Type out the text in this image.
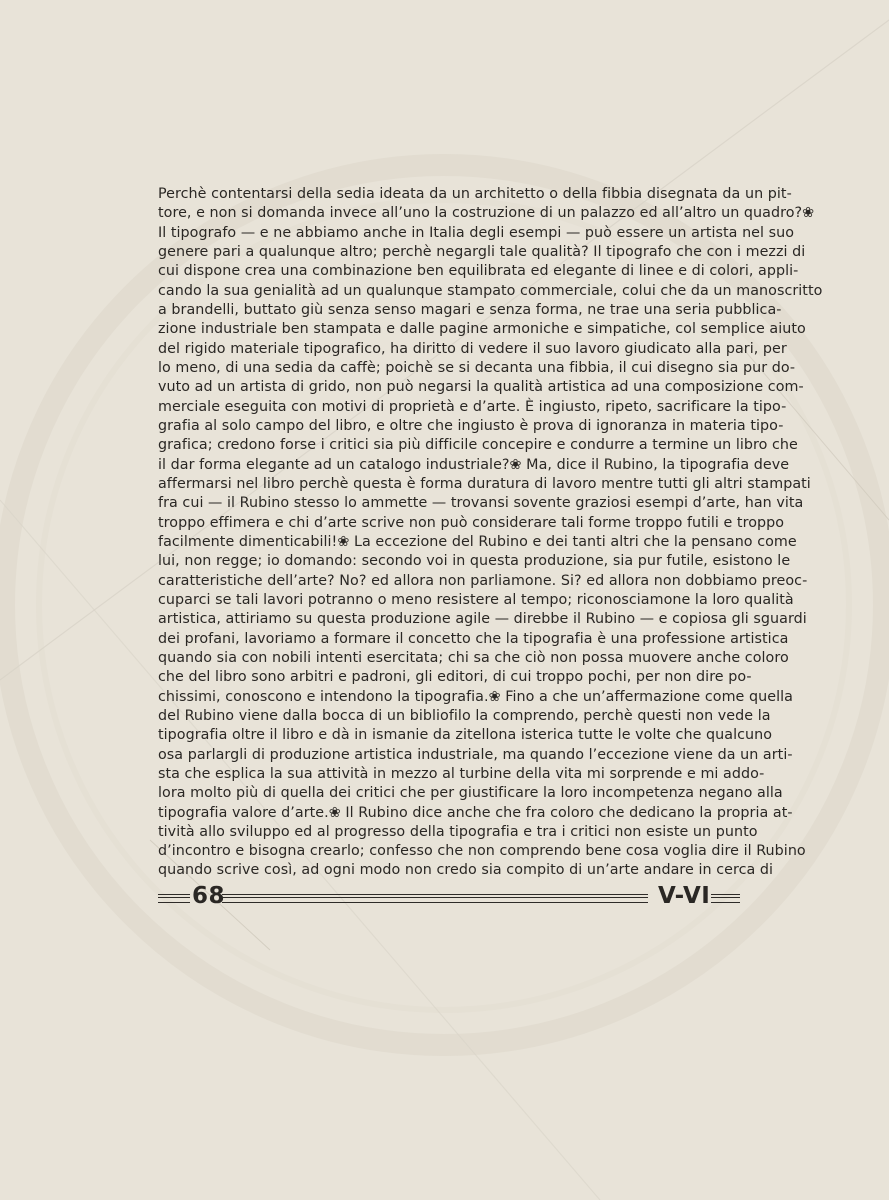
Perchè contentarsi della sedia ideata da un architetto o della fibbia disegnata da un pit-
tore, e non si domanda invece all’uno la costruzione di un palazzo ed all’altro un quadro?❀
Il tipografo — e ne abbiamo anche in Italia degli esempi — può essere un artista nel suo
genere pari a qualunque altro; perchè negargli tale qualità? Il tipografo che con i mezzi di
cui dispone crea una combinazione ben equilibrata ed elegante di linee e di colori, appli-
cando la sua genialità ad un qualunque stampato commerciale, colui che da un manoscritto
a brandelli, buttato giù senza senso magari e senza forma, ne trae una seria pubblica-
zione industriale ben stampata e dalle pagine armoniche e simpatiche, col semplice aiuto
del rigido materiale tipografico, ha diritto di vedere il suo lavoro giudicato alla pari, per
lo meno, di una sedia da caffè; poichè se si decanta una fibbia, il cui disegno sia pur do-
vuto ad un artista di grido, non può negarsi la qualità artistica ad una composizione com-
merciale eseguita con motivi di proprietà e d’arte. È ingiusto, ripeto, sacrificare la tipo-
grafia al solo campo del libro, e oltre che ingiusto è prova di ignoranza in materia tipo-
grafica; credono forse i critici sia più difficile concepire e condurre a termine un libro che
il dar forma elegante ad un catalogo industriale?❀ Ma, dice il Rubino, la tipografia deve
affermarsi nel libro perchè questa è forma duratura di lavoro mentre tutti gli altri stampati
fra cui — il Rubino stesso lo ammette — trovansi sovente graziosi esempi d’arte, han vita
troppo effimera e chi d’arte scrive non può considerare tali forme troppo futili e troppo
facilmente dimenticabili!❀ La eccezione del Rubino e dei tanti altri che la pensano come
lui, non regge; io domando: secondo voi in questa produzione, sia pur futile, esistono le
caratteristiche dell’arte? No? ed allora non parliamone. Si? ed allora non dobbiamo preoc-
cuparci se tali lavori potranno o meno resistere al tempo; riconosciamone la loro qualità
artistica, attiriamo su questa produzione agile — direbbe il Rubino — e copiosa gli sguardi
dei profani, lavoriamo a formare il concetto che la tipografia è una professione artistica
quando sia con nobili intenti esercitata; chi sa che ciò non possa muovere anche coloro
che del libro sono arbitri e padroni, gli editori, di cui troppo pochi, per non dire po-
chissimi, conoscono e intendono la tipografia.❀ Fino a che un’affermazione come quella
del Rubino viene dalla bocca di un bibliofilo la comprendo, perchè questi non vede la
tipografia oltre il libro e dà in ismanie da zitellona isterica tutte le volte che qualcuno
osa parlargli di produzione artistica industriale, ma quando l’eccezione viene da un arti-
sta che esplica la sua attività in mezzo al turbine della vita mi sorprende e mi addo-
lora molto più di quella dei critici che per giustificare la loro incompetenza negano alla
tipografia valore d’arte.❀ Il Rubino dice anche che fra coloro che dedicano la propria at-
tività allo sviluppo ed al progresso della tipografia e tra i critici non esiste un punto
d’incontro e bisogna crearlo; confesso che non comprendo bene cosa voglia dire il Rubino
quando scrive così, ad ogni modo non credo sia compito di un’arte andare in cerca di
68	V-VI
